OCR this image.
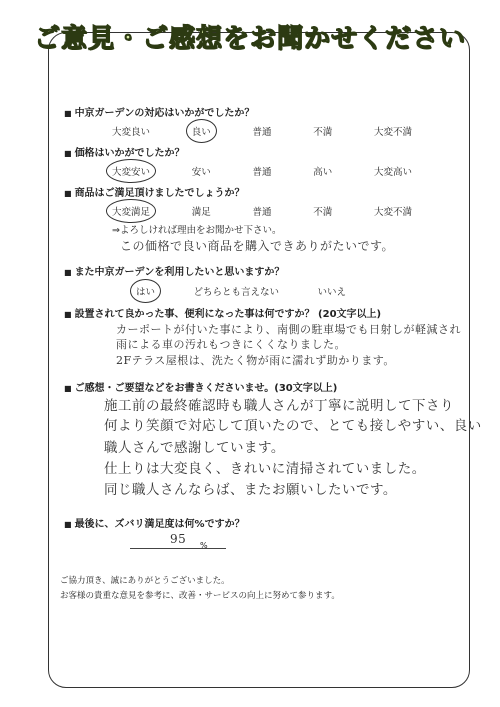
ご意見・ご感想をお聞かせください
■ 中京ガーデンの対応はいかがでしたか？
大変良い	良い	普通	不満	大変不満
■ 価格はいかがでしたか？
大変安い	安い	普通	高い	大変高い
■ 商品はご満足頂けましたでしょうか？
大変満足	満足	普通	不満	大変不満
⇒よろしければ理由をお聞かせ下さい。
この価格で良い商品を購入できありがたいです。
■ また中京ガーデンを利用したいと思いますか？
はい	どちらとも言えない	いいえ
■ 設置されて良かった事、便利になった事は何ですか？ (20文字以上)
カーポートが付いた事により、南側の駐車場でも日射しが軽減され
雨による車の汚れもつきにくくなりました。
2Fテラス屋根は、洗たく物が雨に濡れず助かります。
■ ご感想・ご要望などをお書きくださいませ。(30文字以上)
施工前の最終確認時も職人さんが丁寧に説明して下さり
何より笑顔で対応して頂いたので、とても接しやすい、良い
職人さんで感謝しています。
仕上りは大変良く、きれいに清掃されていました。
同じ職人さんならば、またお願いしたいです。
■ 最後に、ズバリ満足度は何%ですか？
95 %
ご協力頂き、誠にありがとうございました。
お客様の貴重な意見を参考に、改善・サービスの向上に努めて参ります。
